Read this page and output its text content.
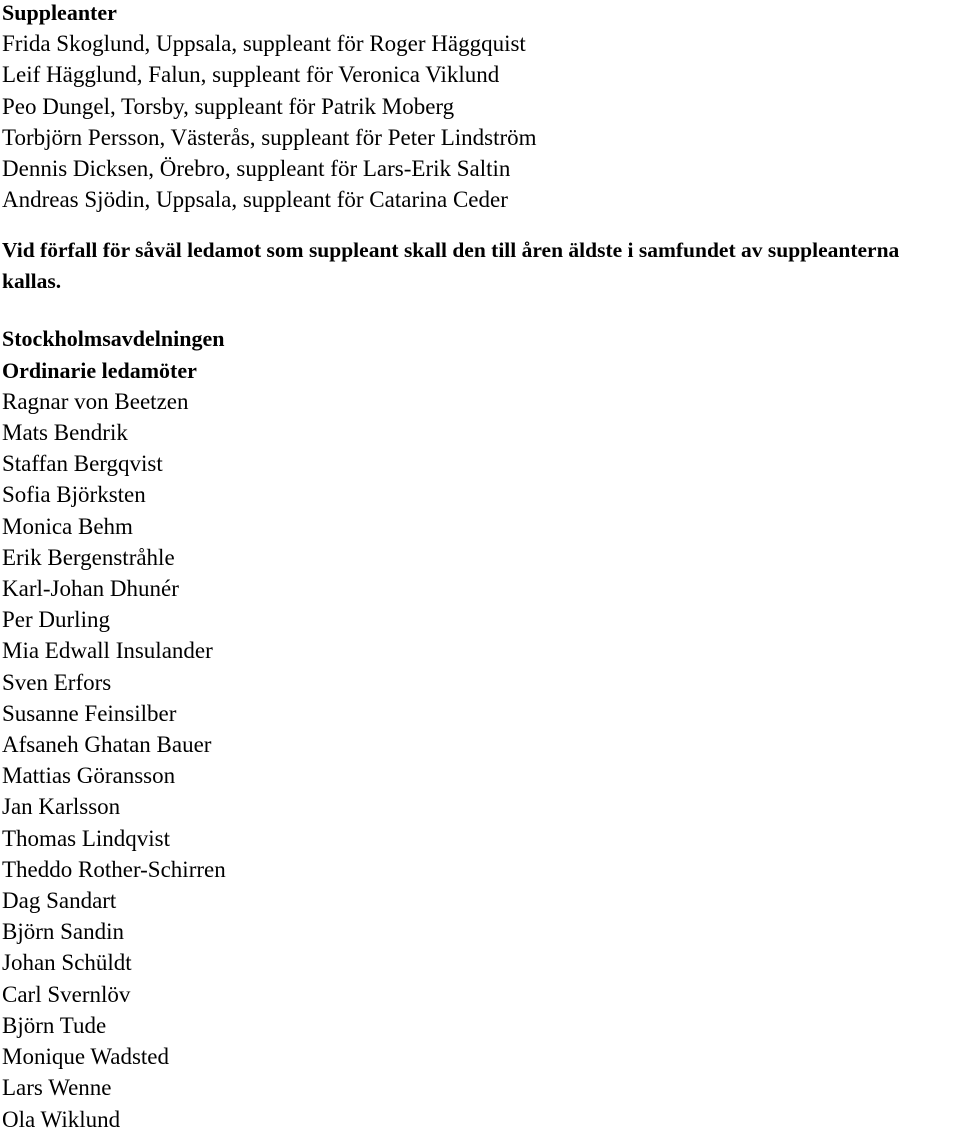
Suppleanter
Frida Skoglund, Uppsala, suppleant för Roger Häggquist
Leif Hägglund, Falun, suppleant för Veronica Viklund
Peo Dungel, Torsby, suppleant för Patrik Moberg
Torbjörn Persson, Västerås, suppleant för Peter Lindström
Dennis Dicksen, Örebro, suppleant för Lars-Erik Saltin
Andreas Sjödin, Uppsala, suppleant för Catarina Ceder

Vid förfall för såväl ledamot som suppleant skall den till åren äldste i samfundet av suppleanterna kallas.

Stockholmsavdelningen
Ordinarie ledamöter
Ragnar von Beetzen
Mats Bendrik
Staffan Bergqvist
Sofia Björksten
Monica Behm
Erik Bergenstråhle
Karl-Johan Dhunér
Per Durling
Mia Edwall Insulander
Sven Erfors
Susanne Feinsilber
Afsaneh Ghatan Bauer
Mattias Göransson
Jan Karlsson
Thomas Lindqvist
Theddo Rother-Schirren
Dag Sandart
Björn Sandin
Johan Schüldt
Carl Svernlöv
Björn Tude
Monique Wadsted
Lars Wenne
Ola Wiklund
